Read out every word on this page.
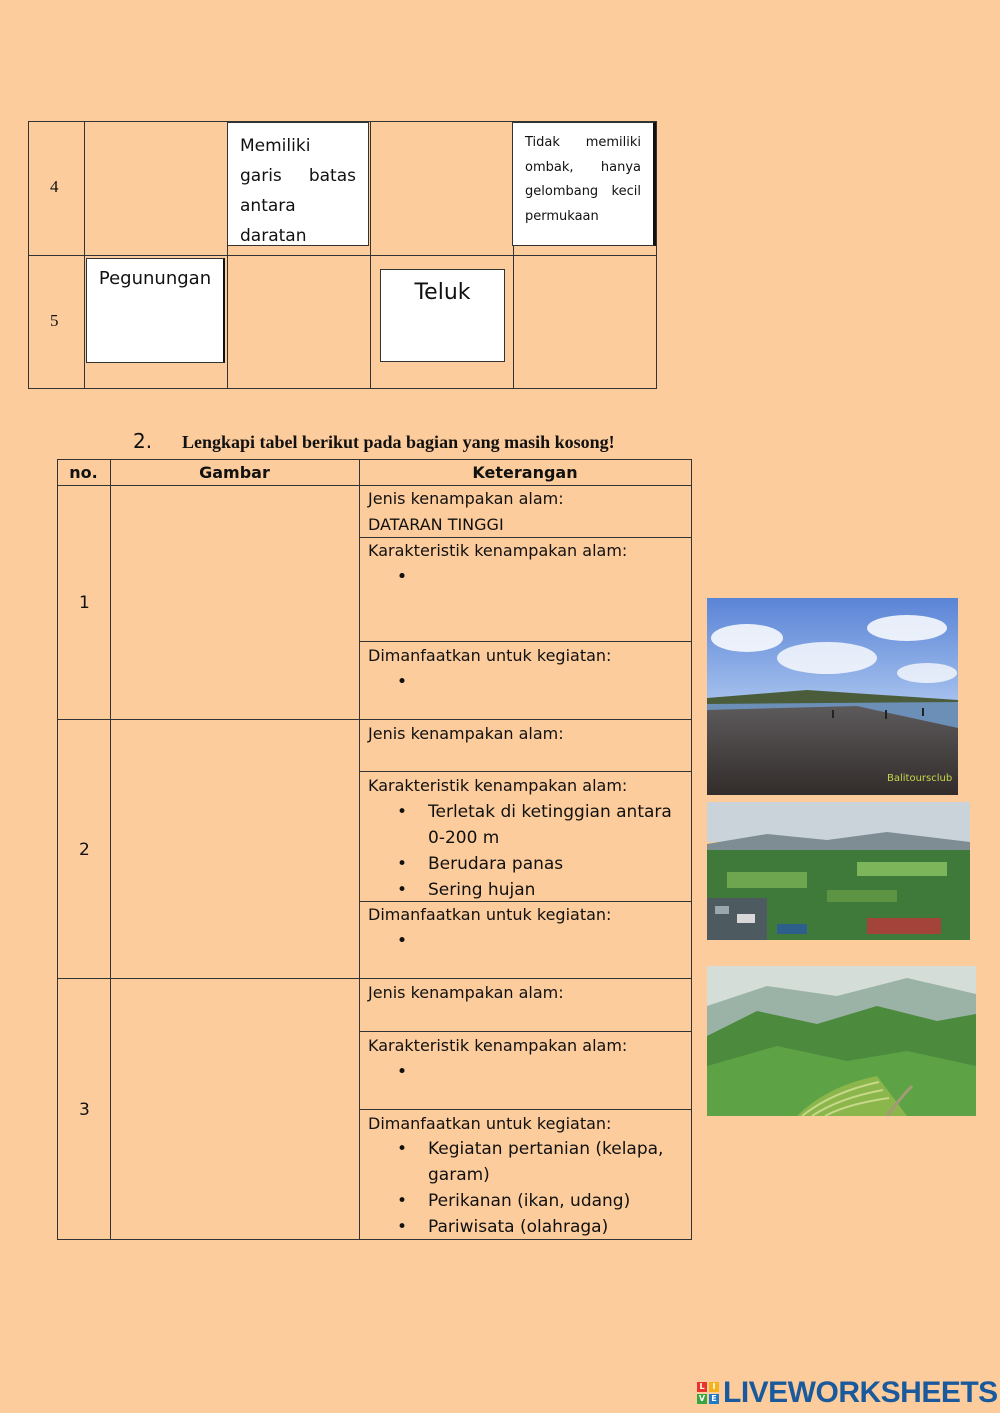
4
5
Memiliki garis batas antara daratan
Tidak memiliki ombak, hanya gelombang kecil permukaan
Pegunungan
Teluk
2. Lengkapi tabel berikut pada bagian yang masih kosong!
no.	Gambar	Keterangan
1
2
3
Jenis kenampakan alam:
DATARAN TINGGI
Karakteristik kenampakan alam:
Dimanfaatkan untuk kegiatan:
Jenis kenampakan alam:
Karakteristik kenampakan alam:
• Terletak di ketinggian antara
0-200 m
• Berudara panas
• Sering hujan
Dimanfaatkan untuk kegiatan:
Jenis kenampakan alam:
Karakteristik kenampakan alam:
Dimanfaatkan untuk kegiatan:
• Kegiatan pertanian (kelapa,
garam)
• Perikanan (ikan, udang)
• Pariwisata (olahraga)
Balitoursclub
L I
V E LIVEWORKSHEETS
